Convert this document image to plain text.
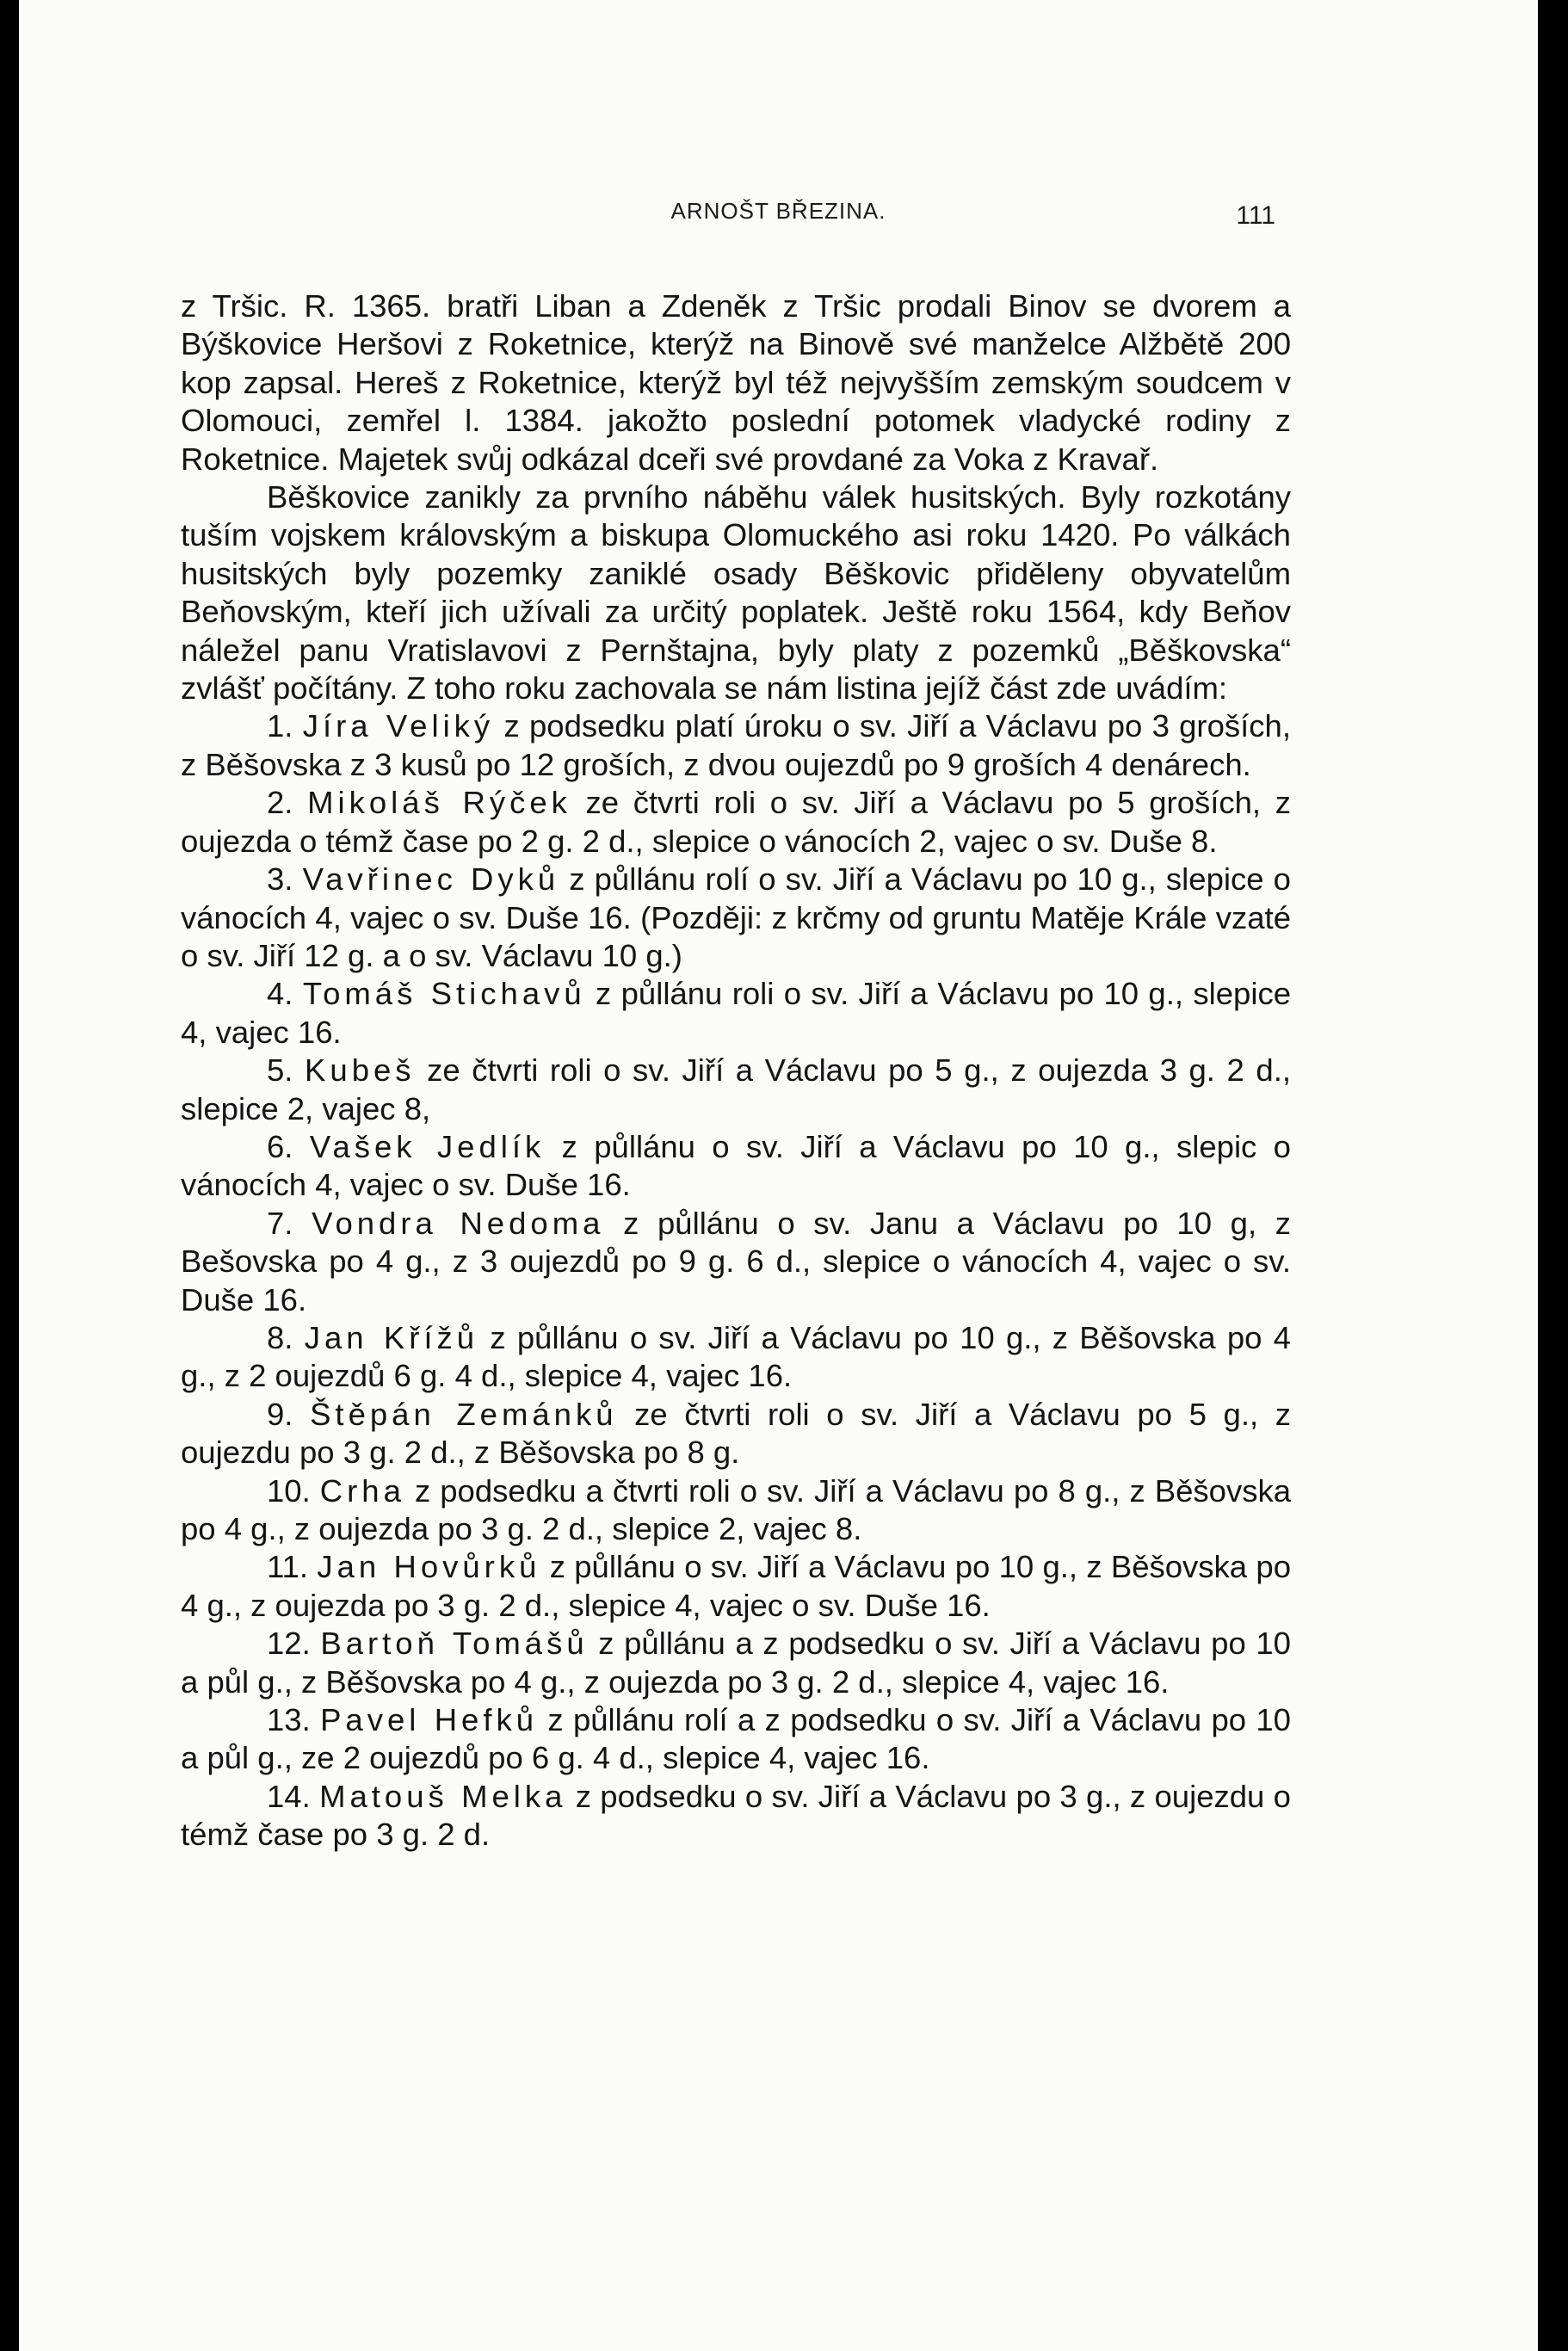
ARNOŠT BŘEZINA.	111

z Tršic. R. 1365. bratři Liban a Zdeněk z Tršic prodali Binov se dvorem a Býškovice Heršovi z Roketnice, kterýž na Binově své manželce Alžbětě 200 kop zapsal. Hereš z Roketnice, kterýž byl též nejvyšším zemským soudcem v Olomouci, zemřel l. 1384. jakožto poslední potomek vladycké rodiny z Roketnice. Majetek svůj odkázal dceři své provdané za Voka z Kravař.

Běškovice zanikly za prvního náběhu válek husitských. Byly rozkotány tuším vojskem královským a biskupa Olomuckého asi roku 1420. Po válkách husitských byly pozemky zaniklé osady Běškovic přiděleny obyvatelům Beňovským, kteří jich užívali za určitý poplatek. Ještě roku 1564, kdy Beňov náležel panu Vratislavovi z Pernštajna, byly platy z pozemků „Běškovska“ zvlášť počítány. Z toho roku zachovala se nám listina jejíž část zde uvádím:

1. Jíra Veliký z podsedku platí úroku o sv. Jiří a Václavu po 3 groších, z Běšovska z 3 kusů po 12 groších, z dvou oujezdů po 9 groších 4 denárech.

2. Mikoláš Rýček ze čtvrti roli o sv. Jiří a Václavu po 5 groších, z oujezda o témž čase po 2 g. 2 d., slepice o vánocích 2, vajec o sv. Duše 8.

3. Vavřinec Dyků z půllánu rolí o sv. Jiří a Václavu po 10 g., slepice o vánocích 4, vajec o sv. Duše 16. (Později: z krčmy od gruntu Matěje Krále vzaté o sv. Jiří 12 g. a o sv. Václavu 10 g.)

4. Tomáš Stichavů z půllánu roli o sv. Jiří a Václavu po 10 g., slepice 4, vajec 16.

5. Kubeš ze čtvrti roli o sv. Jiří a Václavu po 5 g., z oujezda 3 g. 2 d., slepice 2, vajec 8,

6. Vašek Jedlík z půllánu o sv. Jiří a Václavu po 10 g., slepic o vánocích 4, vajec o sv. Duše 16.

7. Vondra Nedoma z půllánu o sv. Janu a Václavu po 10 g, z Bešovska po 4 g., z 3 oujezdů po 9 g. 6 d., slepice o vánocích 4, vajec o sv. Duše 16.

8. Jan Křížů z půllánu o sv. Jiří a Václavu po 10 g., z Běšovska po 4 g., z 2 oujezdů 6 g. 4 d., slepice 4, vajec 16.

9. Štěpán Zemánků ze čtvrti roli o sv. Jiří a Václavu po 5 g., z oujezdu po 3 g. 2 d., z Běšovska po 8 g.

10. Crha z podsedku a čtvrti roli o sv. Jiří a Václavu po 8 g., z Běšovska po 4 g., z oujezda po 3 g. 2 d., slepice 2, vajec 8.

11. Jan Hovůrků z půllánu o sv. Jiří a Václavu po 10 g., z Běšovska po 4 g., z oujezda po 3 g. 2 d., slepice 4, vajec o sv. Duše 16.

12. Bartoň Tomášů z půllánu a z podsedku o sv. Jiří a Václavu po 10 a půl g., z Běšovska po 4 g., z oujezda po 3 g. 2 d., slepice 4, vajec 16.

13. Pavel Hefků z půllánu rolí a z podsedku o sv. Jiří a Václavu po 10 a půl g., ze 2 oujezdů po 6 g. 4 d., slepice 4, vajec 16.

14. Matouš Melka z podsedku o sv. Jiří a Václavu po 3 g., z oujezdu o témž čase po 3 g. 2 d.
